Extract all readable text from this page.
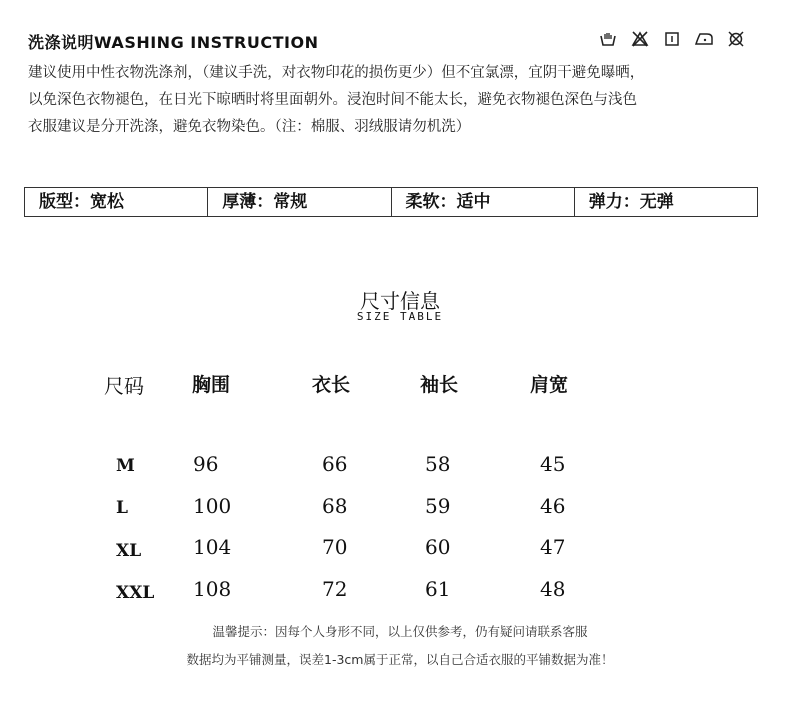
洗涤说明WASHING INSTRUCTION
建议使用中性衣物洗涤剂，（建议手洗，对衣物印花的损伤更少）但不宜氯漂，宜阴干避免曝晒，
以免深色衣物褪色，在日光下晾晒时将里面朝外。浸泡时间不能太长，避免衣物褪色深色与浅色
衣服建议是分开洗涤，避免衣物染色。（注：棉服、羽绒服请勿机洗）
版型：宽松	厚薄：常规	柔软：适中	弹力：无弹
尺寸信息
SIZE TABLE
尺码	胸围	衣长	袖长	肩宽
M	96	66	58	45
L	100	68	59	46
XL	104	70	60	47
XXL 108	72	61	48
温馨提示：因每个人身形不同，以上仅供参考，仍有疑问请联系客服
数据均为平铺测量，误差1-3cm属于正常，以自己合适衣服的平铺数据为准！
